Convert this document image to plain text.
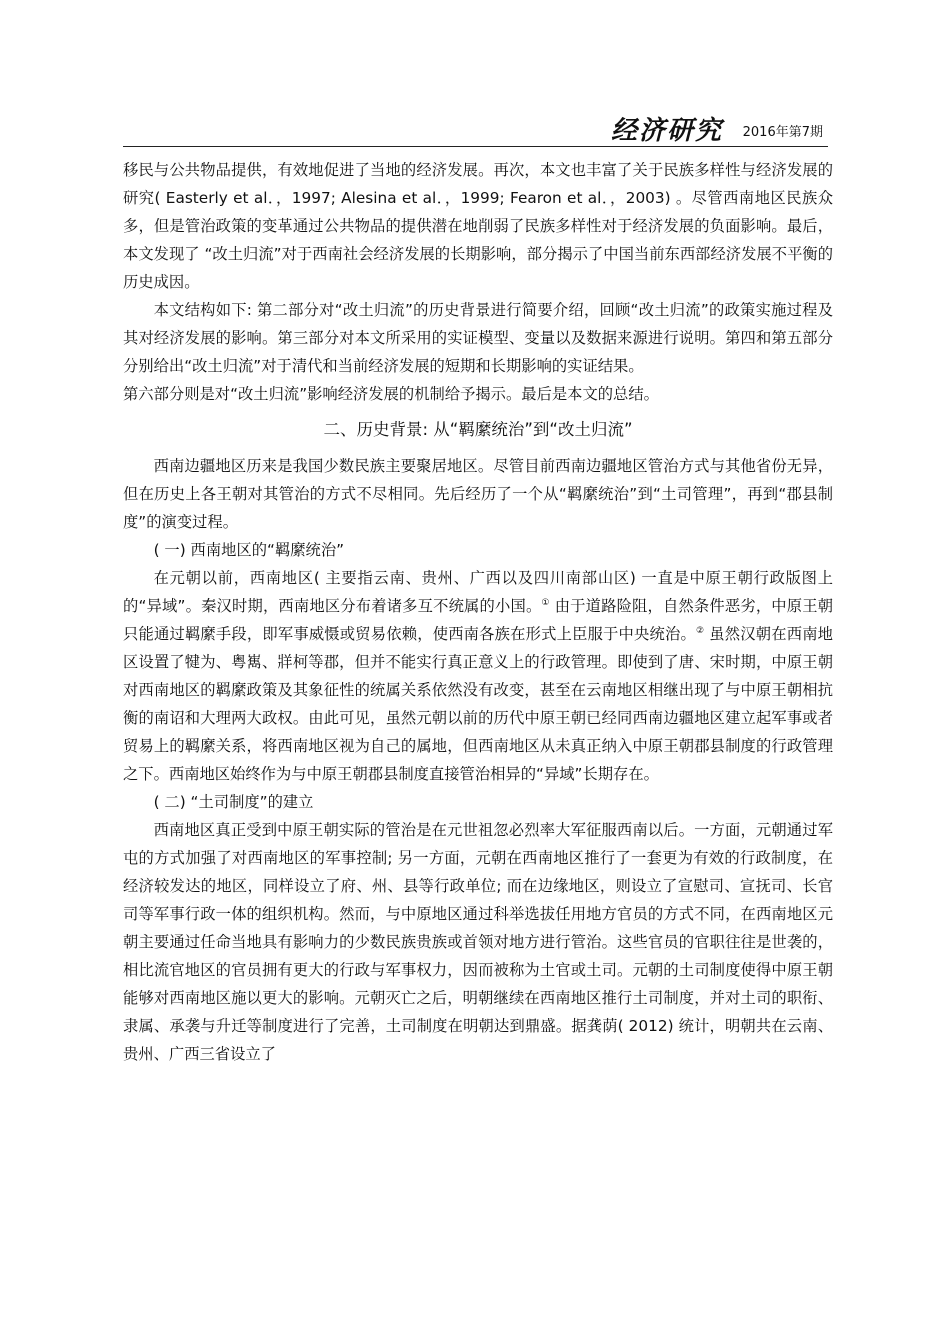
经济研究 2016年第7期

移民与公共物品提供，有效地促进了当地的经济发展。再次，本文也丰富了关于民族多样性与经济发展的研究( Easterly et al．，1997; Alesina et al．，1999; Fearon et al．，2003) 。尽管西南地区民族众多，但是管治政策的变革通过公共物品的提供潜在地削弱了民族多样性对于经济发展的负面影响。最后，本文发现了 “改土归流”对于西南社会经济发展的长期影响，部分揭示了中国当前东西部经济发展不平衡的历史成因。

本文结构如下: 第二部分对“改土归流”的历史背景进行简要介绍，回顾“改土归流”的政策实施过程及其对经济发展的影响。第三部分对本文所采用的实证模型、变量以及数据来源进行说明。第四和第五部分分别给出“改土归流”对于清代和当前经济发展的短期和长期影响的实证结果。

第六部分则是对“改土归流”影响经济发展的机制给予揭示。最后是本文的总结。

二、历史背景: 从“羁縻统治”到“改土归流”

西南边疆地区历来是我国少数民族主要聚居地区。尽管目前西南边疆地区管治方式与其他省份无异，但在历史上各王朝对其管治的方式不尽相同。先后经历了一个从“羁縻统治”到“土司管理”，再到“郡县制度”的演变过程。

( 一) 西南地区的“羁縻统治”

在元朝以前，西南地区( 主要指云南、贵州、广西以及四川南部山区) 一直是中原王朝行政版图上的“异域”。秦汉时期，西南地区分布着诸多互不统属的小国。① 由于道路险阻，自然条件恶劣，中原王朝只能通过羁縻手段，即军事威慑或贸易依赖，使西南各族在形式上臣服于中央统治。② 虽然汉朝在西南地区设置了犍为、粤嶲、牂柯等郡，但并不能实行真正意义上的行政管理。即使到了唐、宋时期，中原王朝对西南地区的羁縻政策及其象征性的统属关系依然没有改变，甚至在云南地区相继出现了与中原王朝相抗衡的南诏和大理两大政权。由此可见，虽然元朝以前的历代中原王朝已经同西南边疆地区建立起军事或者贸易上的羁縻关系，将西南地区视为自己的属地，但西南地区从未真正纳入中原王朝郡县制度的行政管理之下。西南地区始终作为与中原王朝郡县制度直接管治相异的“异域”长期存在。

( 二) “土司制度”的建立

西南地区真正受到中原王朝实际的管治是在元世祖忽必烈率大军征服西南以后。一方面，元朝通过军屯的方式加强了对西南地区的军事控制; 另一方面，元朝在西南地区推行了一套更为有效的行政制度，在经济较发达的地区，同样设立了府、州、县等行政单位; 而在边缘地区，则设立了宣慰司、宣抚司、长官司等军事行政一体的组织机构。然而，与中原地区通过科举选拔任用地方官员的方式不同，在西南地区元朝主要通过任命当地具有影响力的少数民族贵族或首领对地方进行管治。这些官员的官职往往是世袭的，相比流官地区的官员拥有更大的行政与军事权力，因而被称为土官或土司。元朝的土司制度使得中原王朝能够对西南地区施以更大的影响。元朝灭亡之后，明朝继续在西南地区推行土司制度，并对土司的职衔、隶属、承袭与升迁等制度进行了完善，土司制度在明朝达到鼎盛。据龚荫( 2012) 统计，明朝共在云南、贵州、广西三省设立了
